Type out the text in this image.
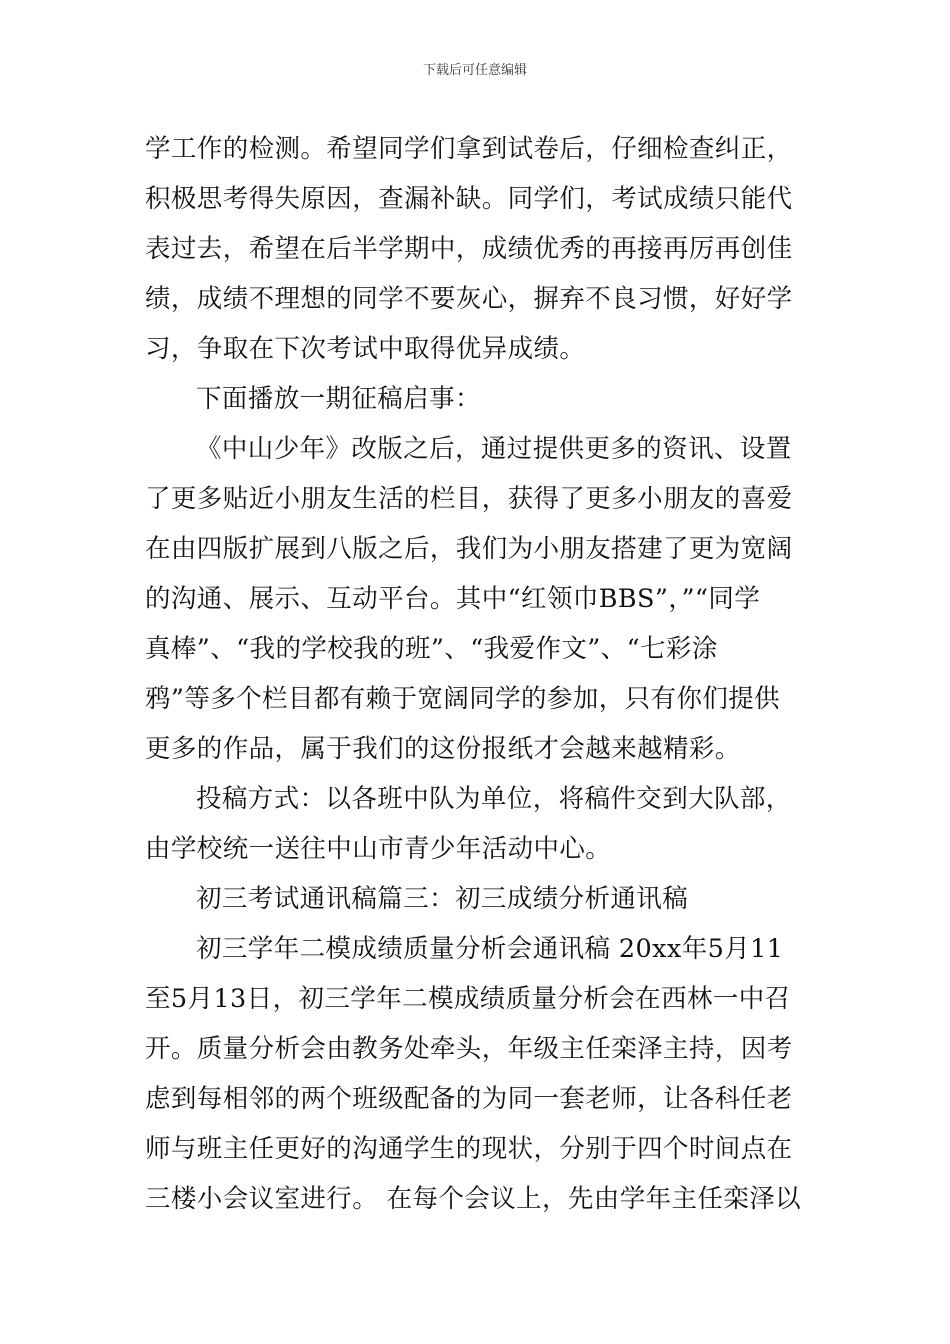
下载后可任意编辑
学工作的检测。希望同学们拿到试卷后，仔细检查纠正，
积极思考得失原因，查漏补缺。同学们，考试成绩只能代
表过去，希望在后半学期中，成绩优秀的再接再厉再创佳
绩，成绩不理想的同学不要灰心，摒弃不良习惯，好好学
习，争取在下次考试中取得优异成绩。
下面播放一期征稿启事：
《中山少年》改版之后，通过提供更多的资讯、设置
了更多贴近小朋友生活的栏目，获得了更多小朋友的喜爱
在由四版扩展到八版之后，我们为小朋友搭建了更为宽阔
的沟通、展示、互动平台。其中“红领巾BBS”，”“同学
真棒”、“我的学校我的班”、“我爱作文”、“七彩涂
鸦”等多个栏目都有赖于宽阔同学的参加，只有你们提供
更多的作品，属于我们的这份报纸才会越来越精彩。
投稿方式：以各班中队为单位，将稿件交到大队部，
由学校统一送往中山市青少年活动中心。
初三考试通讯稿篇三：初三成绩分析通讯稿
初三学年二模成绩质量分析会通讯稿 20xx年5月11
至5月13日，初三学年二模成绩质量分析会在西林一中召
开。质量分析会由教务处牵头，年级主任栾泽主持，因考
虑到每相邻的两个班级配备的为同一套老师，让各科任老
师与班主任更好的沟通学生的现状，分别于四个时间点在
三楼小会议室进行。 在每个会议上，先由学年主任栾泽以
